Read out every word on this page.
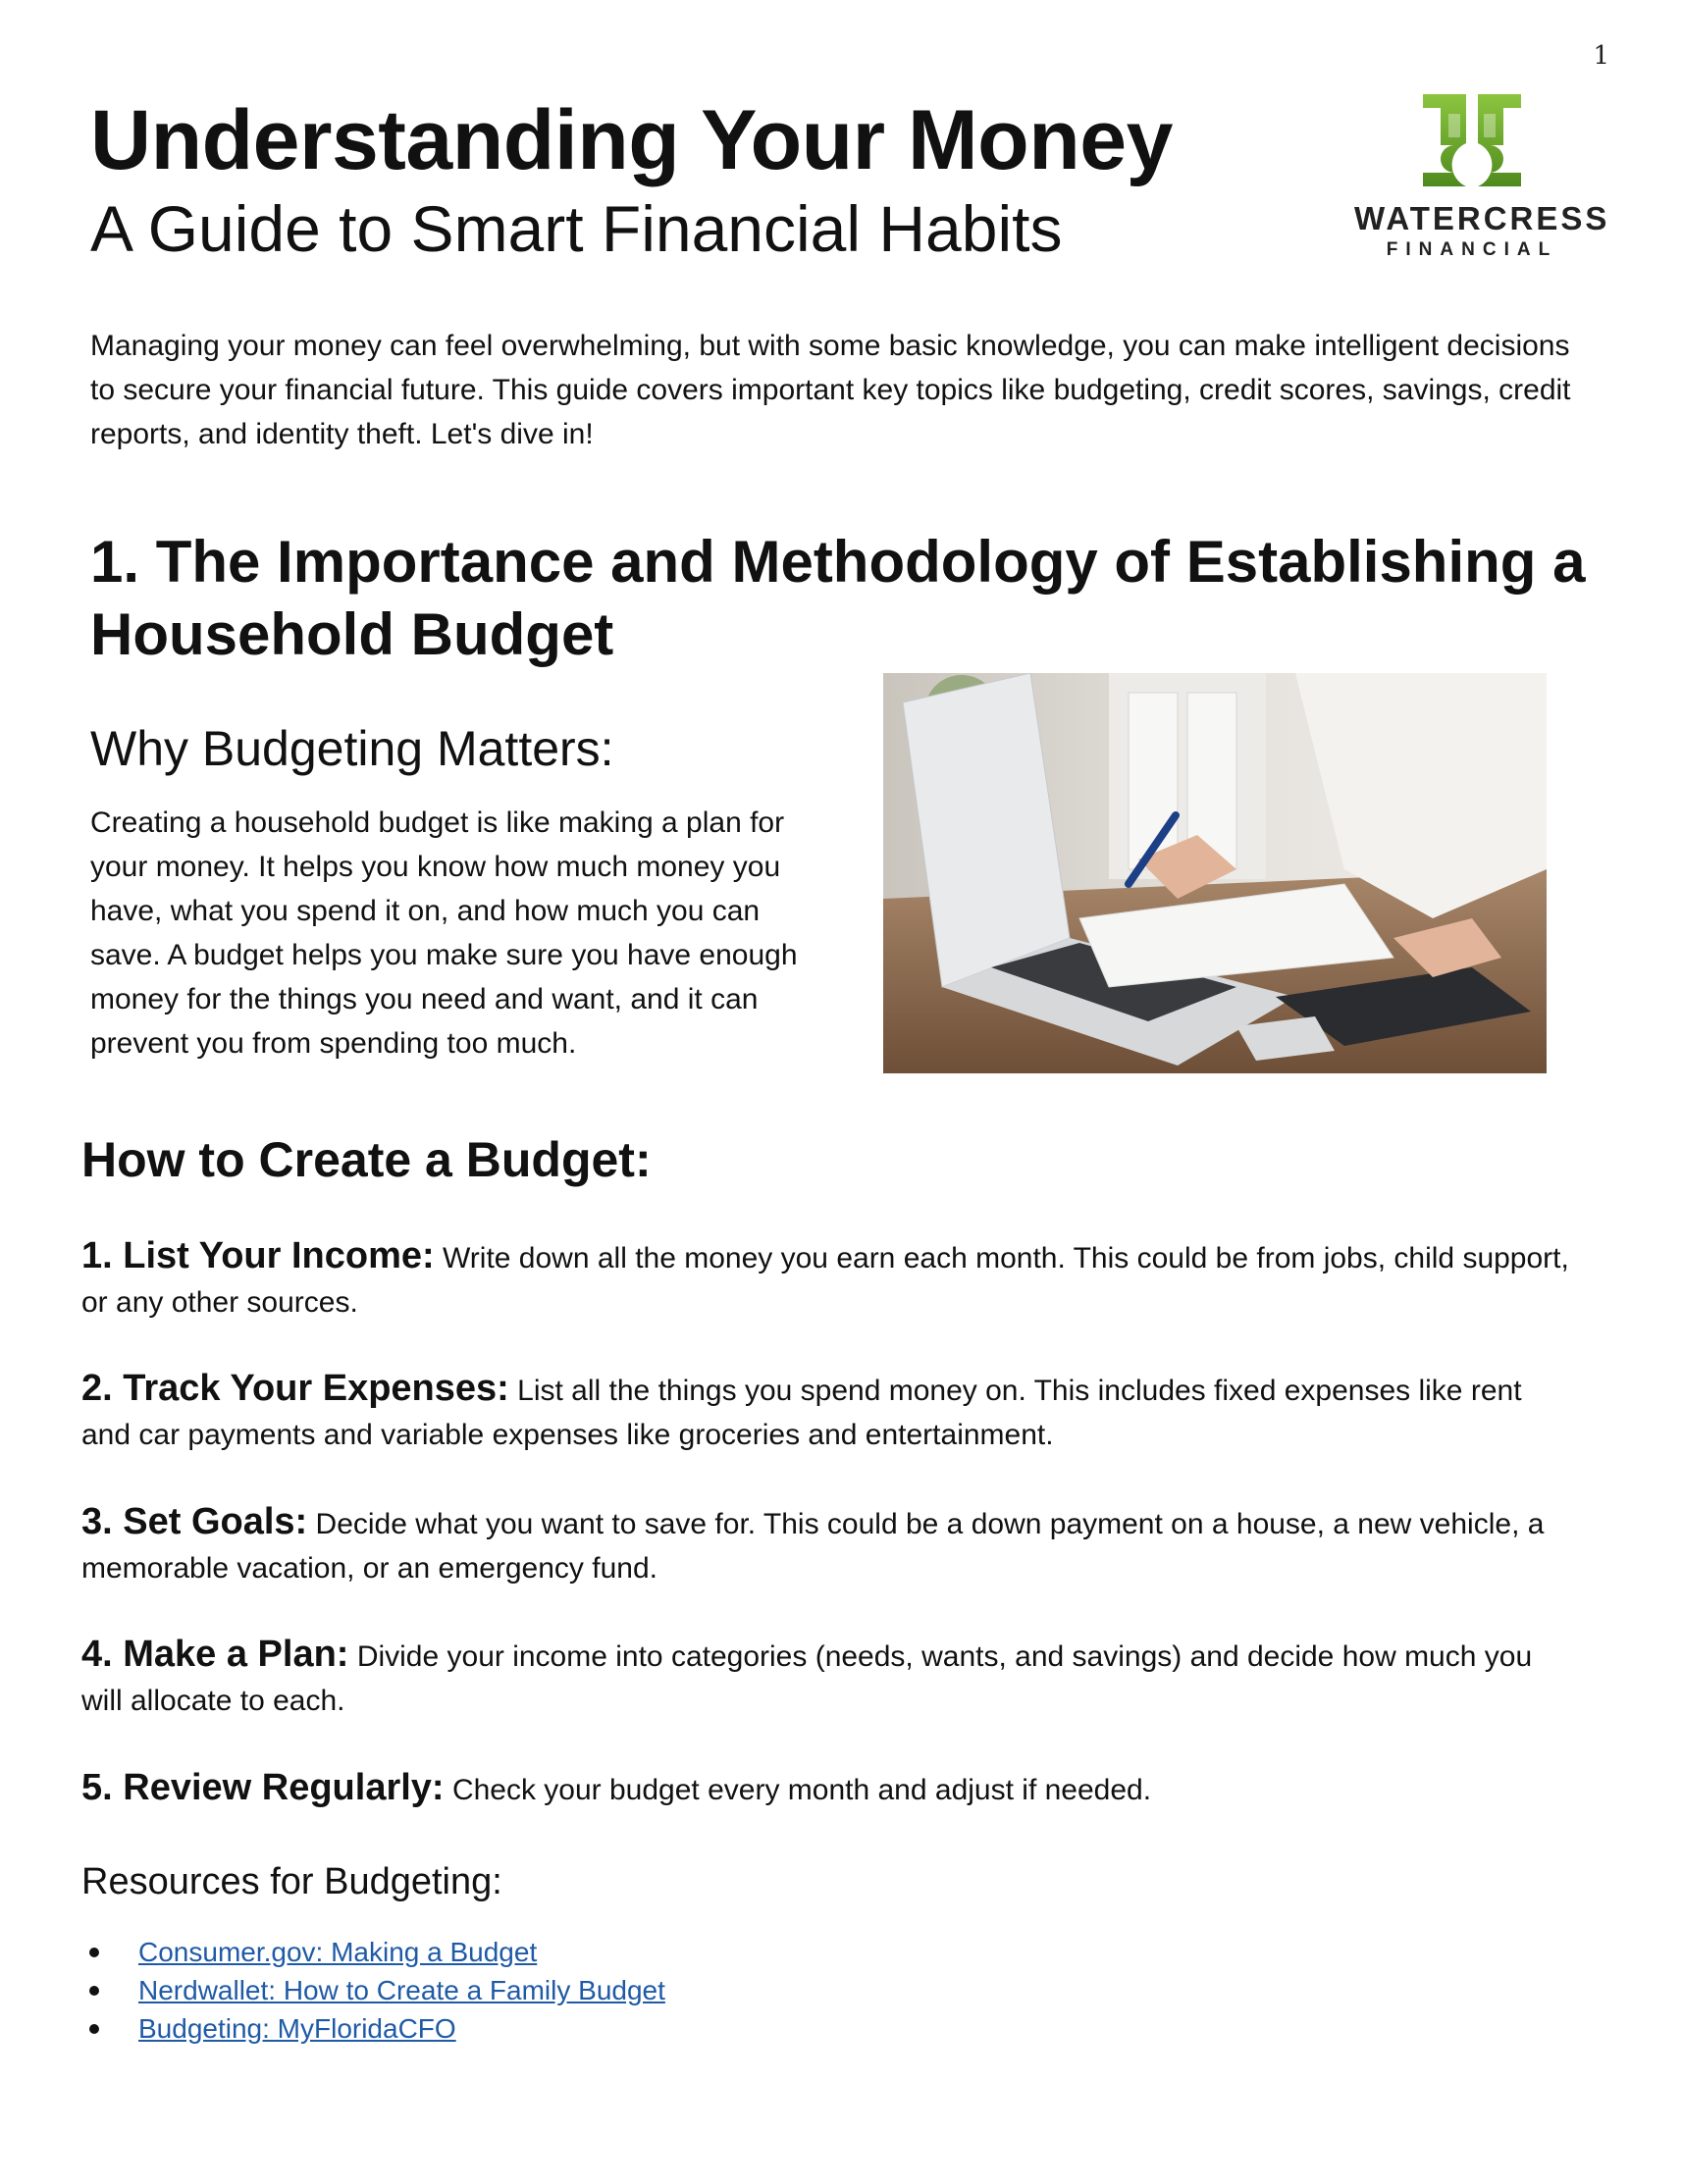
1
Understanding Your Money
A Guide to Smart Financial Habits	WATERCRESS
FINANCIAL

Managing your money can feel overwhelming, but with some basic knowledge, you can make intelligent decisions to secure your financial future. This guide covers important key topics like budgeting, credit scores, savings, credit reports, and identity theft. Let's dive in!

1. The Importance and Methodology of Establishing a Household Budget
Why Budgeting Matters:

Creating a household budget is like making a plan for your money. It helps you know how much money you have, what you spend it on, and how much you can save. A budget helps you make sure you have enough money for the things you need and want, and it can prevent you from spending too much.

How to Create a Budget:

1. List Your Income: Write down all the money you earn each month. This could be from jobs, child support, or any other sources.

2. Track Your Expenses: List all the things you spend money on. This includes fixed expenses like rent and car payments and variable expenses like groceries and entertainment.

3. Set Goals: Decide what you want to save for. This could be a down payment on a house, a new vehicle, a memorable vacation, or an emergency fund.

4. Make a Plan: Divide your income into categories (needs, wants, and savings) and decide how much you will allocate to each.

5. Review Regularly: Check your budget every month and adjust if needed.

Resources for Budgeting:
Consumer.gov: Making a Budget
Nerdwallet: How to Create a Family Budget
Budgeting: MyFloridaCFO
